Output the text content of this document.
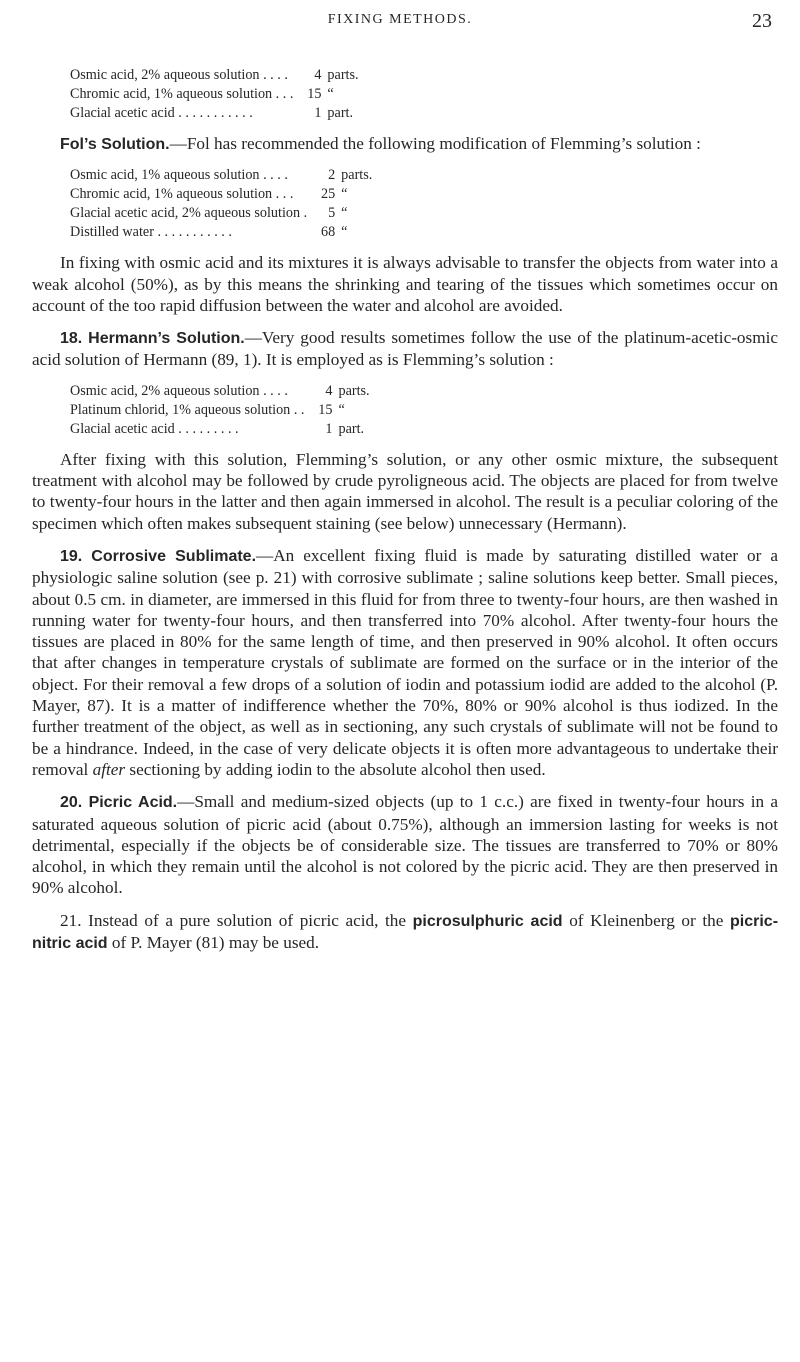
FIXING METHODS.	23
Osmic acid, 2% aqueous solution . . . .	4	parts.
Chromic acid, 1% aqueous solution . . .	15	“
Glacial acetic acid . . . . . . . . . . .	1	part.

Fol’s Solution.—Fol has recommended the following modification of Flemming’s solution :

Osmic acid, 1% aqueous solution . . . .	2	parts.
Chromic acid, 1% aqueous solution . . .	25	“
Glacial acetic acid, 2% aqueous solution .	5	“
Distilled water . . . . . . . . . . .	68	“

In fixing with osmic acid and its mixtures it is always advisable to transfer the objects from water into a weak alcohol (50%), as by this means the shrinking and tearing of the tissues which sometimes occur on account of the too rapid diffusion between the water and alcohol are avoided.

18. Hermann’s Solution.—Very good results sometimes follow the use of the platinum-acetic-osmic acid solution of Hermann (89, 1). It is employed as is Flemming’s solution :

Osmic acid, 2% aqueous solution . . . .	4	parts.
Platinum chlorid, 1% aqueous solution . .	15	“
Glacial acetic acid . . . . . . . . .	1	part.

After fixing with this solution, Flemming’s solution, or any other osmic mixture, the subsequent treatment with alcohol may be followed by crude pyroligneous acid. The objects are placed for from twelve to twenty-four hours in the latter and then again immersed in alcohol. The result is a peculiar coloring of the specimen which often makes subsequent staining (see below) unnecessary (Hermann).

19. Corrosive Sublimate.—An excellent fixing fluid is made by saturating distilled water or a physiologic saline solution (see p. 21) with corrosive sublimate ; saline solutions keep better. Small pieces, about 0.5 cm. in diameter, are immersed in this fluid for from three to twenty-four hours, are then washed in running water for twenty-four hours, and then transferred into 70% alcohol. After twenty-four hours the tissues are placed in 80% for the same length of time, and then preserved in 90% alcohol. It often occurs that after changes in temperature crystals of sublimate are formed on the surface or in the interior of the object. For their removal a few drops of a solution of iodin and potassium iodid are added to the alcohol (P. Mayer, 87). It is a matter of indifference whether the 70%, 80% or 90% alcohol is thus iodized. In the further treatment of the object, as well as in sectioning, any such crystals of sublimate will not be found to be a hindrance. Indeed, in the case of very delicate objects it is often more advantageous to undertake their removal after sectioning by adding iodin to the absolute alcohol then used.

20. Picric Acid.—Small and medium-sized objects (up to 1 c.c.) are fixed in twenty-four hours in a saturated aqueous solution of picric acid (about 0.75%), although an immersion lasting for weeks is not detrimental, especially if the objects be of considerable size. The tissues are transferred to 70% or 80% alcohol, in which they remain until the alcohol is not colored by the picric acid. They are then preserved in 90% alcohol.

21. Instead of a pure solution of picric acid, the picrosulphuric acid of Kleinenberg or the picric-nitric acid of P. Mayer (81) may be used.
